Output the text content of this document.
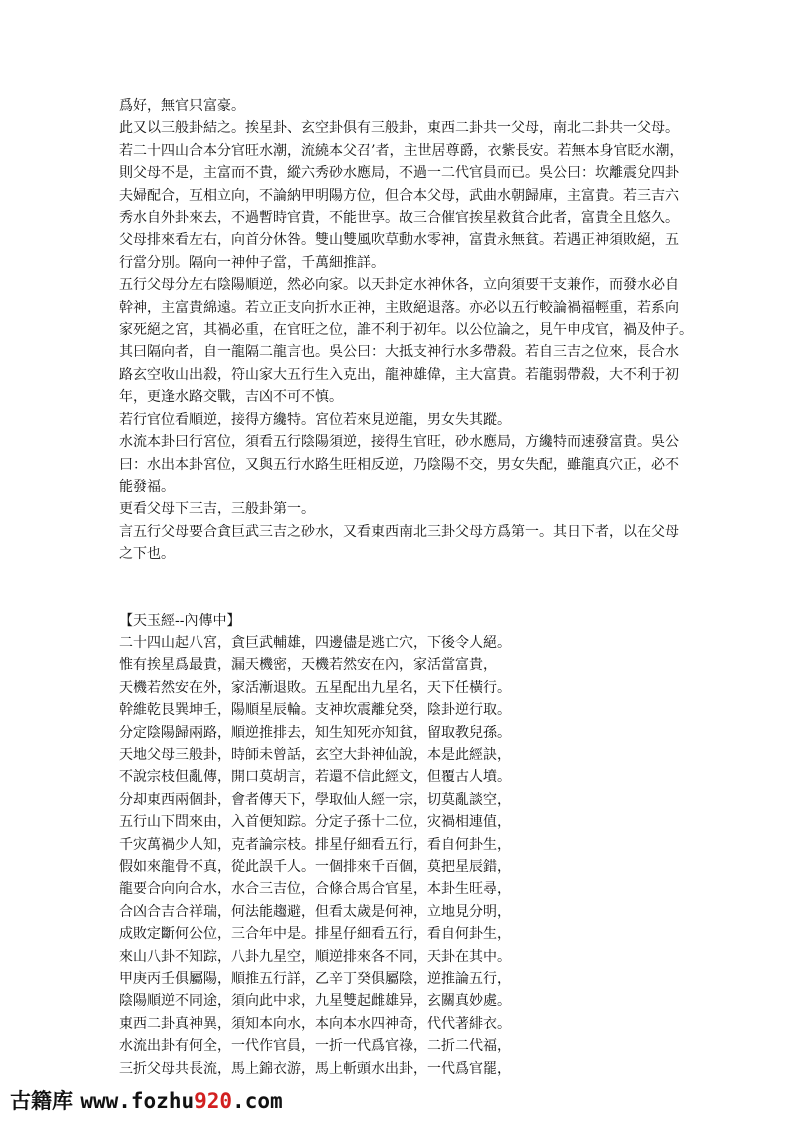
爲好，無官只富豪。

此又以三般卦結之。挨星卦、玄空卦俱有三般卦，東西二卦共一父母，南北二卦共一父母。

若二十四山合本分官旺水潮，流繞本父召’者，主世居尊爵，衣紫長安。若無本身官眨水潮，

則父母不是，主富而不貴，縱六秀砂水應局，不過一二代官員而已。吳公曰：坎離震兌四卦

夫婦配合，互相立向，不論納甲明陽方位，但合本父母，武曲水朝歸庫，主富貴。若三吉六

秀水自外卦來去，不過暫時官貴，不能世享。故三合催官挨星救貧合此者，富貴全且悠久。

父母排來看左右，向首分休咎。雙山雙風吹草動水零神，富貴永無貧。若遇正神須敗絕，五

行當分別。隔向一神仲子當，千萬細推詳。

五行父母分左右陰陽順逆，然必向家。以天卦定水神休各，立向須要干支兼作，而發水必自

幹神，主富貴綿遠。若立正支向折水正神，主敗絕退落。亦必以五行較論禍福輕重，若系向

家死絕之宮，其禍必重，在官旺之位，誰不利于初年。以公位論之，見午申戌官，禍及仲子。

其曰隔向者，自一龍隔二龍言也。吳公曰：大抵支神行水多帶殺。若自三吉之位來，長合水

路玄空收山出殺，符山家大五行生入克出，龍神雄偉，主大富貴。若龍弱帶殺，大不利于初

年，更逢水路交戰，吉凶不可不慎。

若行官位看順逆，接得方纔特。宮位若來見逆龍，男女失其蹤。

水流本卦曰行宮位，須看五行陰陽須逆，接得生官旺，砂水應局，方纔特而速發富貴。吳公

曰：水出本卦宮位，又與五行水路生旺相反逆，乃陰陽不交，男女失配，雖龍真穴正，必不

能發福。

更看父母下三吉，三般卦第一。

言五行父母要合貪巨武三吉之砂水，又看東西南北三卦父母方爲第一。其日下者，以在父母

之下也。

【天玉經--內傳中】

二十四山起八宮，貪巨武輔雄，四邊儘是逃亡穴，下後令人絕。

惟有挨星爲最貴，漏天機密，天機若然安在內，家活當富貴，

天機若然安在外，家活漸退敗。五星配出九星名，天下任橫行。

幹維乾艮巽坤壬，陽順星辰輪。支神坎震離兌癸，陰卦逆行取。

分定陰陽歸兩路，順逆推排去，知生知死亦知貧，留取教兒孫。

天地父母三般卦，時師未曾話，玄空大卦神仙說，本是此經訣，

不說宗枝但亂傳，開口莫胡言，若還不信此經文，但覆古人墳。

分却東西兩個卦，會者傳天下，學取仙人經一宗，切莫亂談空，

五行山下問來由，入首便知踪。分定子孫十二位，灾禍相連值，

千灾萬禍少人知，克者論宗枝。排星仔細看五行，看自何卦生，

假如來龍骨不真，從此誤千人。一個排來千百個，莫把星辰錯，

龍要合向向合水，水合三吉位，合條合馬合官星，本卦生旺尋，

合凶合吉合祥瑞，何法能趨避，但看太歲是何神，立地見分明，

成敗定斷何公位，三合年中是。排星仔細看五行，看自何卦生，

來山八卦不知踪，八卦九星空，順逆排來各不同，天卦在其中。

甲庚丙壬俱屬陽，順推五行詳，乙辛丁癸俱屬陰，逆推論五行，

陰陽順逆不同途，須向此中求，九星雙起雌雄异，玄關真妙處。

東西二卦真神異，須知本向水，本向本水四神奇，代代著緋衣。

水流出卦有何全，一代作官員，一折一代爲官祿，二折二代福，

三折父母共長流，馬上錦衣游，馬上斬頭水出卦，一代爲官罷，

古籍库 www.fozhu920.com
